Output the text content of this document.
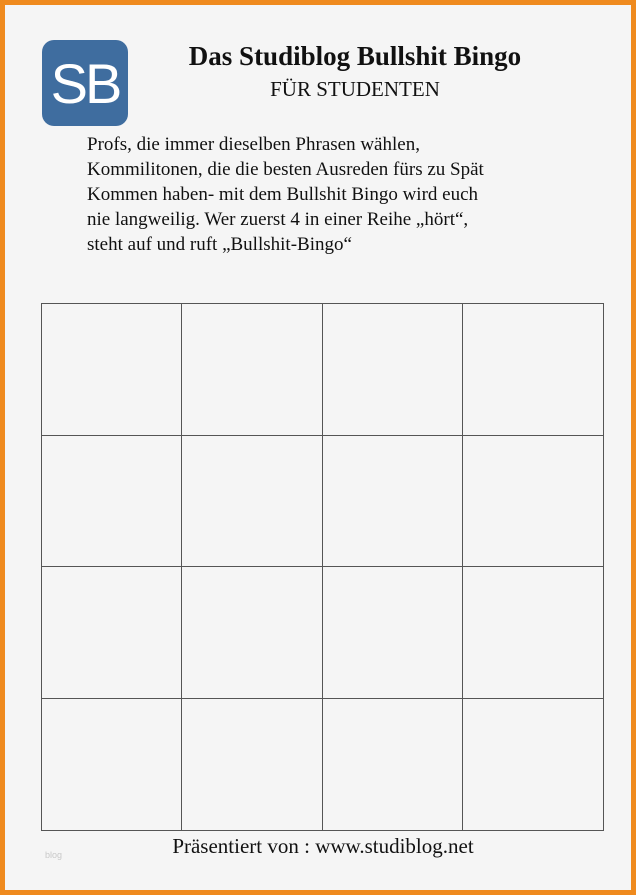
SB	Das Studiblog Bullshit Bingo
FÜR STUDENTEN
Profs, die immer dieselben Phrasen wählen,
Kommilitonen, die die besten Ausreden fürs zu Spät
Kommen haben- mit dem Bullshit Bingo wird euch
nie langweilig. Wer zuerst 4 in einer Reihe „hört“,
steht auf und ruft „Bullshit-Bingo“
blog	Präsentiert von : www.studiblog.net
